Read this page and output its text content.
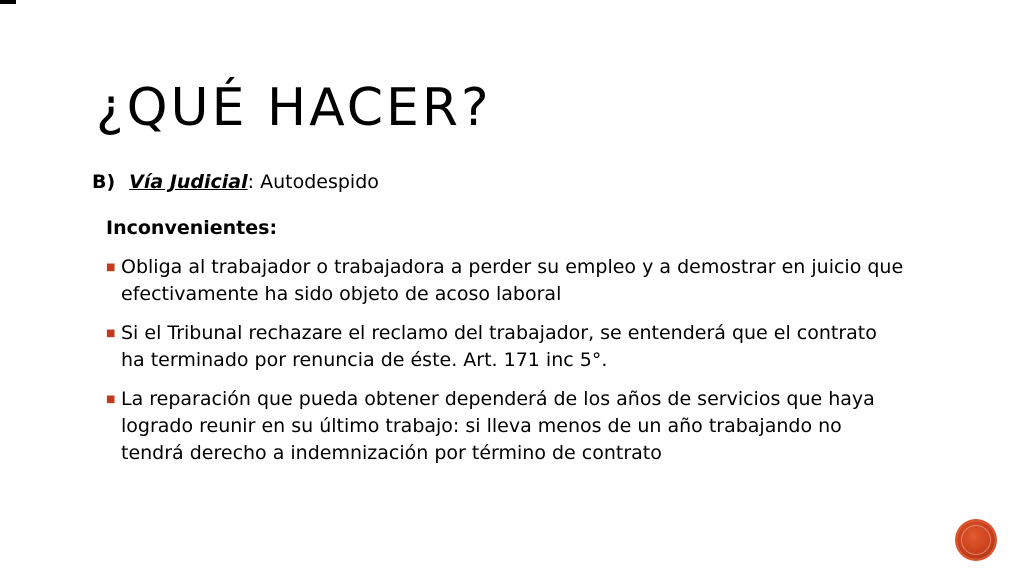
¿QUÉ HACER?
B) Vía Judicial: Autodespido
Inconvenientes:
■ Obliga al trabajador o trabajadora a perder su empleo y a demostrar en juicio que efectivamente ha sido objeto de acoso laboral
■ Si el Tribunal rechazare el reclamo del trabajador, se entenderá que el contrato ha terminado por renuncia de éste. Art. 171 inc 5°.
■ La reparación que pueda obtener dependerá de los años de servicios que haya logrado reunir en su último trabajo: si lleva menos de un año trabajando no tendrá derecho a indemnización por término de contrato
